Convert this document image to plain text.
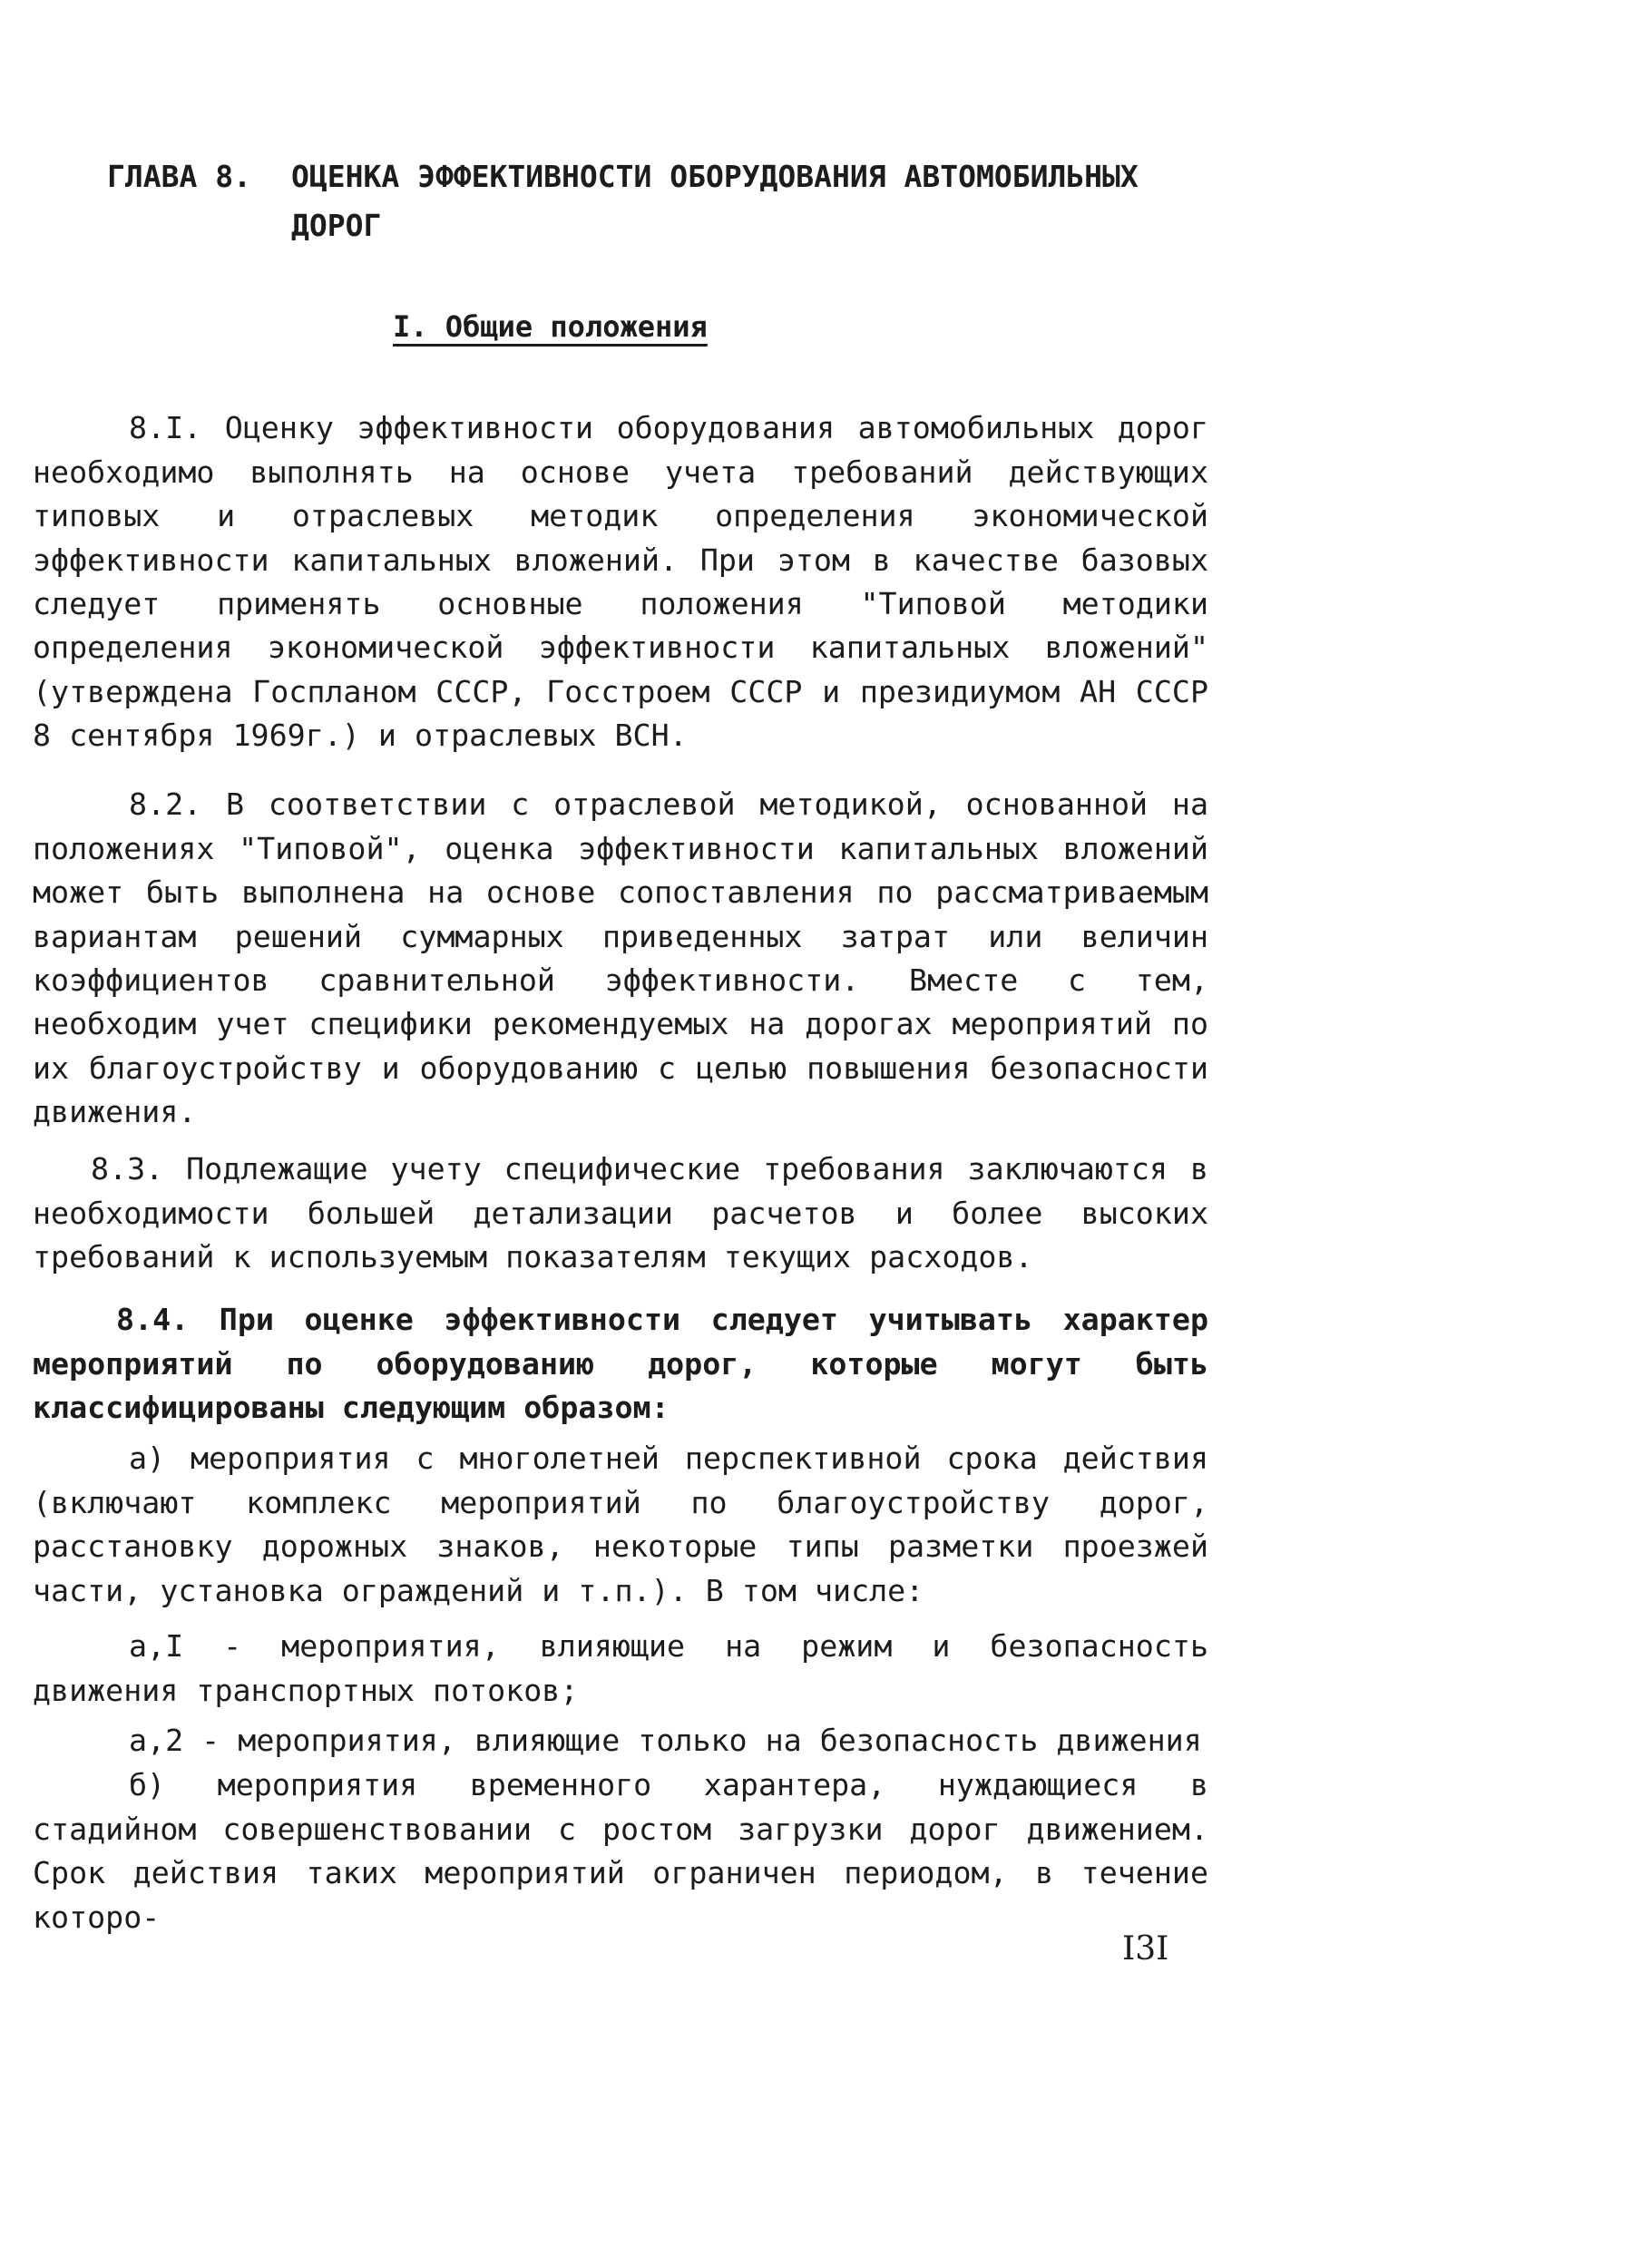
ГЛАВА 8. ОЦЕНКА ЭФФЕКТИВНОСТИ ОБОРУДОВАНИЯ АВТОМОБИЛЬНЫХ ДОРОГ
I. Общие положения

8.I. Оценку эффективности оборудования автомобильных дорог необходимо выполнять на основе учета требований действующих типовых и отраслевых методик определения экономической эффективности капитальных вложений. При этом в качестве базовых следует применять основные положения "Типовой методики определения экономической эффективности капитальных вложений" (утверждена Госпланом СССР, Госстроем СССР и президиумом АН СССР 8 сентября 1969г.) и отраслевых ВСН.

8.2. В соответствии с отраслевой методикой, основанной на положениях "Типовой", оценка эффективности капитальных вложений может быть выполнена на основе сопоставления по рассматриваемым вариантам решений суммарных приведенных затрат или величин коэффициентов сравнительной эффективности. Вместе с тем, необходим учет специфики рекомендуемых на дорогах мероприятий по их благоустройству и оборудованию с целью повышения безопасности движения.

8.3. Подлежащие учету специфические требования заключаются в необходимости большей детализации расчетов и более высоких требований к используемым показателям текущих расходов.

8.4. При оценке эффективности следует учитывать характер мероприятий по оборудованию дорог, которые могут быть классифицированы следующим образом:

а) мероприятия с многолетней перспективной срока действия (включают комплекс мероприятий по благоустройству дорог, расстановку дорожных знаков, некоторые типы разметки проезжей части, установка ограждений и т.п.). В том числе:

а,I - мероприятия, влияющие на режим и безопасность движения транспортных потоков;

а,2 - мероприятия, влияющие только на безопасность движения

б) мероприятия временного харантера, нуждающиеся в стадийном совершенствовании с ростом загрузки дорог движением. Срок действия таких мероприятий ограничен периодом, в течение которо-

I3I
